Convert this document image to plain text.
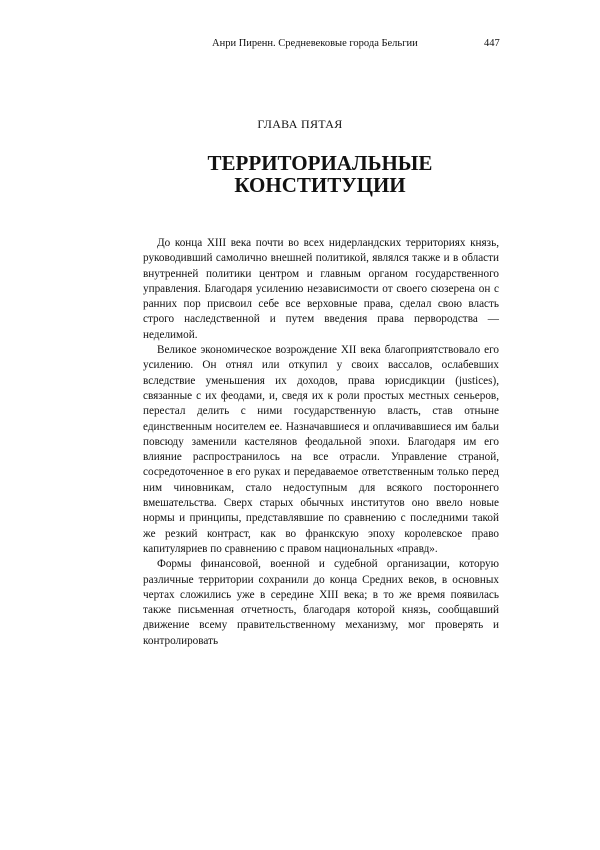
Анри Пиренн. Средневековые города Бельгии	447
ГЛАВА ПЯТАЯ
ТЕРРИТОРИАЛЬНЫЕ
КОНСТИТУЦИИ

До конца XIII века почти во всех нидерландских территориях князь, руководивший самолично внешней политикой, являлся также и в области внутренней политики центром и главным органом государственного управления. Благодаря усилению независимости от своего сюзерена он с ранних пор присвоил себе все верховные права, сделал свою власть строго наследственной и путем введения права первородства — неделимой.

Великое экономическое возрождение XII века благоприятствовало его усилению. Он отнял или откупил у своих вассалов, ослабевших вследствие уменьшения их доходов, права юрисдикции (justices), связанные с их феодами, и, сведя их к роли простых местных сеньеров, перестал делить с ними государственную власть, став отныне единственным носителем ее. Назначавшиеся и оплачивавшиеся им бальи повсюду заменили кастелянов феодальной эпохи. Благодаря им его влияние распространилось на все отрасли. Управление страной, сосредоточенное в его руках и передаваемое ответственным только перед ним чиновникам, стало недоступным для всякого постороннего вмешательства. Сверх старых обычных институтов оно ввело новые нормы и принципы, представлявшие по сравнению с последними такой же резкий контраст, как во франкскую эпоху королевское право капитуляриев по сравнению с правом национальных «правд».

Формы финансовой, военной и судебной организации, которую различные территории сохранили до конца Средних веков, в основных чертах сложились уже в середине XIII века; в то же время появилась также письменная отчетность, благодаря которой князь, сообщавший движение всему правительственному механизму, мог проверять и контролировать
